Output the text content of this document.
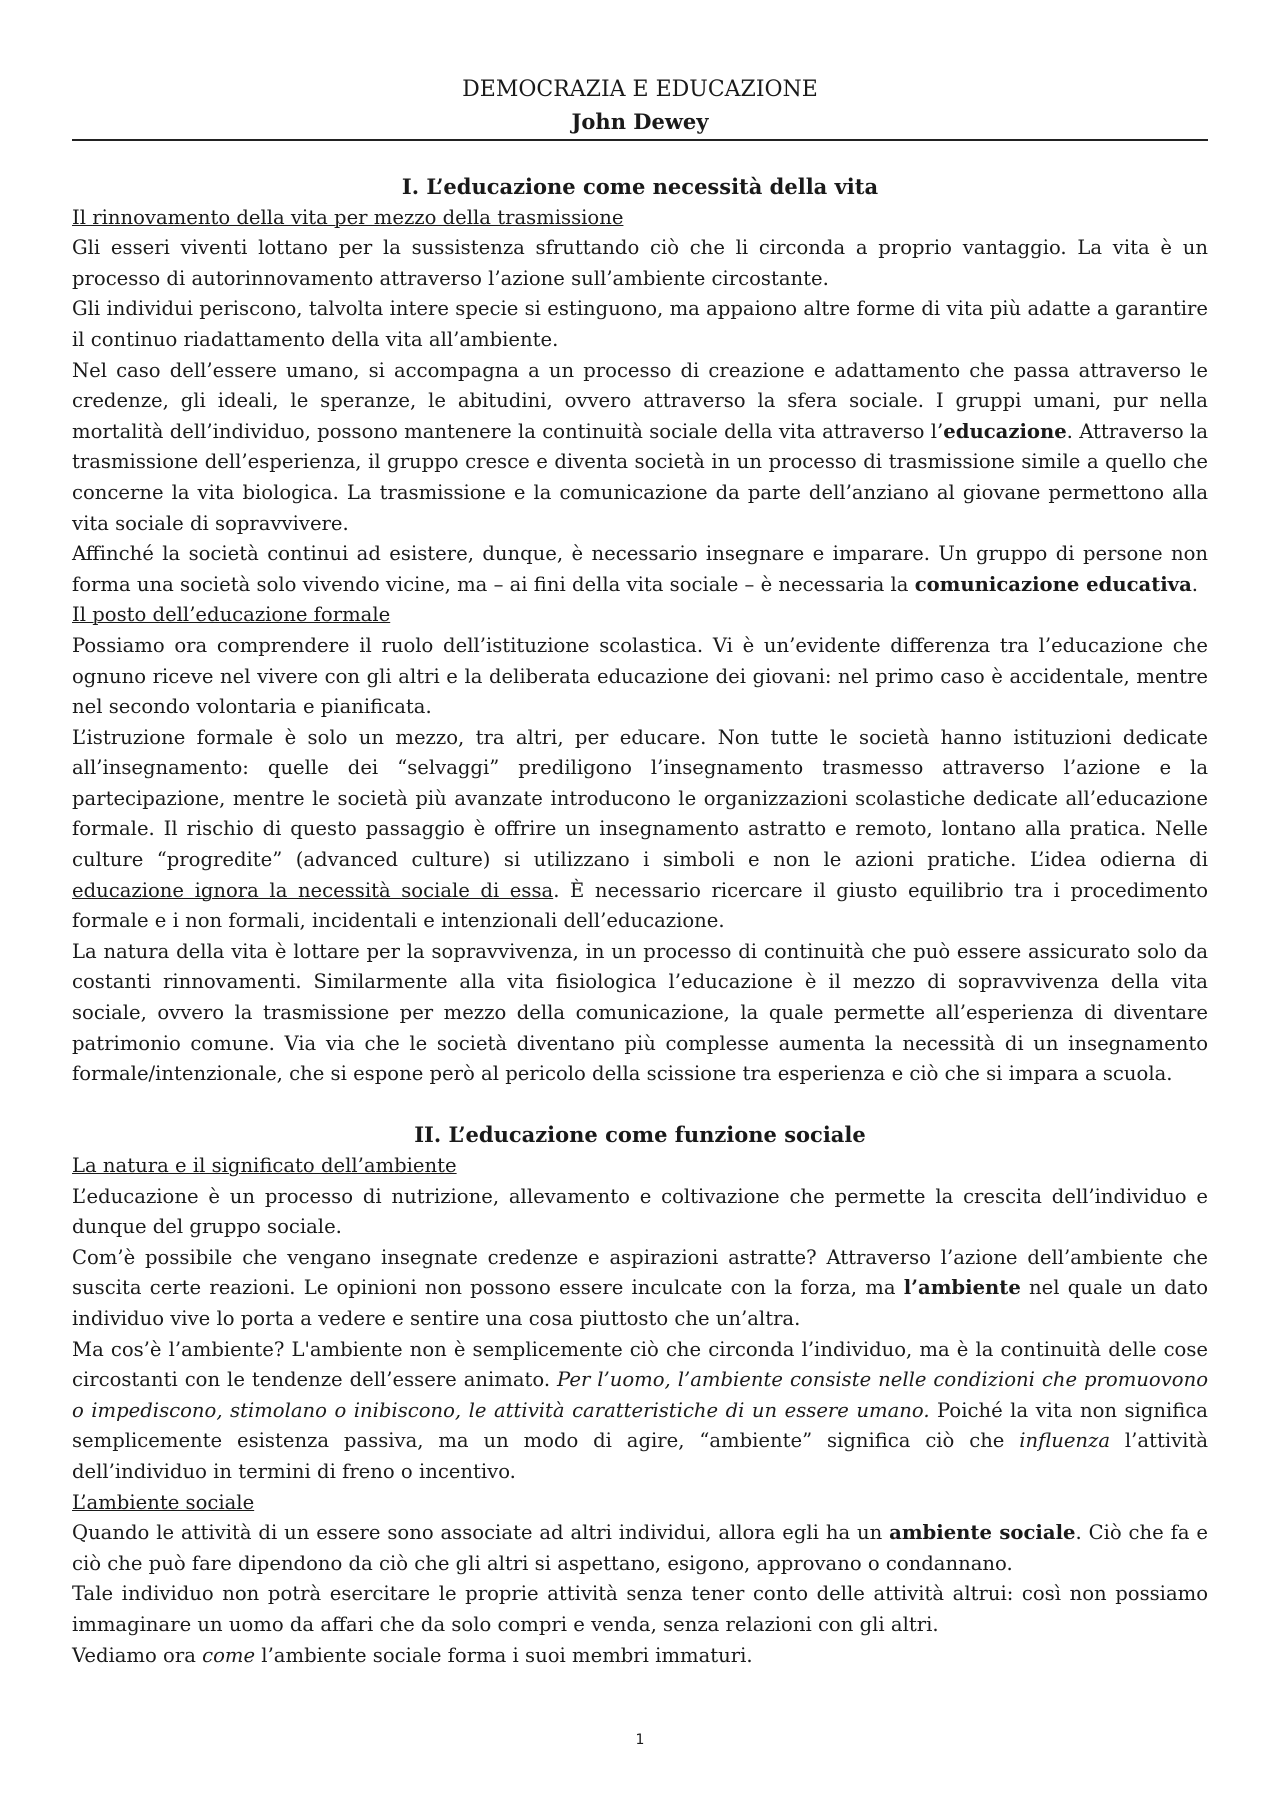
DEMOCRAZIA E EDUCAZIONE
John Dewey
I. L’educazione come necessità della vita

Il rinnovamento della vita per mezzo della trasmissione

Gli esseri viventi lottano per la sussistenza sfruttando ciò che li circonda a proprio vantaggio. La vita è un processo di autorinnovamento attraverso l’azione sull’ambiente circostante.

Gli individui periscono, talvolta intere specie si estinguono, ma appaiono altre forme di vita più adatte a garantire il continuo riadattamento della vita all’ambiente.

Nel caso dell’essere umano, si accompagna a un processo di creazione e adattamento che passa attraverso le credenze, gli ideali, le speranze, le abitudini, ovvero attraverso la sfera sociale. I gruppi umani, pur nella mortalità dell’individuo, possono mantenere la continuità sociale della vita attraverso l’educazione. Attraverso la trasmissione dell’esperienza, il gruppo cresce e diventa società in un processo di trasmissione simile a quello che concerne la vita biologica. La trasmissione e la comunicazione da parte dell’anziano al giovane permettono alla vita sociale di sopravvivere.

Affinché la società continui ad esistere, dunque, è necessario insegnare e imparare. Un gruppo di persone non forma una società solo vivendo vicine, ma – ai fini della vita sociale – è necessaria la comunicazione educativa.

Il posto dell’educazione formale

Possiamo ora comprendere il ruolo dell’istituzione scolastica. Vi è un’evidente differenza tra l’educazione che ognuno riceve nel vivere con gli altri e la deliberata educazione dei giovani: nel primo caso è accidentale, mentre nel secondo volontaria e pianificata.

L’istruzione formale è solo un mezzo, tra altri, per educare. Non tutte le società hanno istituzioni dedicate all’insegnamento: quelle dei “selvaggi” prediligono l’insegnamento trasmesso attraverso l’azione e la partecipazione, mentre le società più avanzate introducono le organizzazioni scolastiche dedicate all’educazione formale. Il rischio di questo passaggio è offrire un insegnamento astratto e remoto, lontano alla pratica. Nelle culture “progredite” (advanced culture) si utilizzano i simboli e non le azioni pratiche. L’idea odierna di educazione ignora la necessità sociale di essa. È necessario ricercare il giusto equilibrio tra i procedimento formale e i non formali, incidentali e intenzionali dell’educazione.

La natura della vita è lottare per la sopravvivenza, in un processo di continuità che può essere assicurato solo da costanti rinnovamenti. Similarmente alla vita fisiologica l’educazione è il mezzo di sopravvivenza della vita sociale, ovvero la trasmissione per mezzo della comunicazione, la quale permette all’esperienza di diventare patrimonio comune. Via via che le società diventano più complesse aumenta la necessità di un insegnamento formale/intenzionale, che si espone però al pericolo della scissione tra esperienza e ciò che si impara a scuola.

II. L’educazione come funzione sociale

La natura e il significato dell’ambiente

L’educazione è un processo di nutrizione, allevamento e coltivazione che permette la crescita dell’individuo e dunque del gruppo sociale.

Com’è possibile che vengano insegnate credenze e aspirazioni astratte? Attraverso l’azione dell’ambiente che suscita certe reazioni. Le opinioni non possono essere inculcate con la forza, ma l’ambiente nel quale un dato individuo vive lo porta a vedere e sentire una cosa piuttosto che un’altra.

Ma cos’è l’ambiente? L'ambiente non è semplicemente ciò che circonda l’individuo, ma è la continuità delle cose circostanti con le tendenze dell’essere animato. Per l’uomo, l’ambiente consiste nelle condizioni che promuovono o impediscono, stimolano o inibiscono, le attività caratteristiche di un essere umano. Poiché la vita non significa semplicemente esistenza passiva, ma un modo di agire, “ambiente” significa ciò che influenza l’attività dell’individuo in termini di freno o incentivo.

L’ambiente sociale

Quando le attività di un essere sono associate ad altri individui, allora egli ha un ambiente sociale. Ciò che fa e ciò che può fare dipendono da ciò che gli altri si aspettano, esigono, approvano o condannano.

Tale individuo non potrà esercitare le proprie attività senza tener conto delle attività altrui: così non possiamo immaginare un uomo da affari che da solo compri e venda, senza relazioni con gli altri.

Vediamo ora come l’ambiente sociale forma i suoi membri immaturi.

1
